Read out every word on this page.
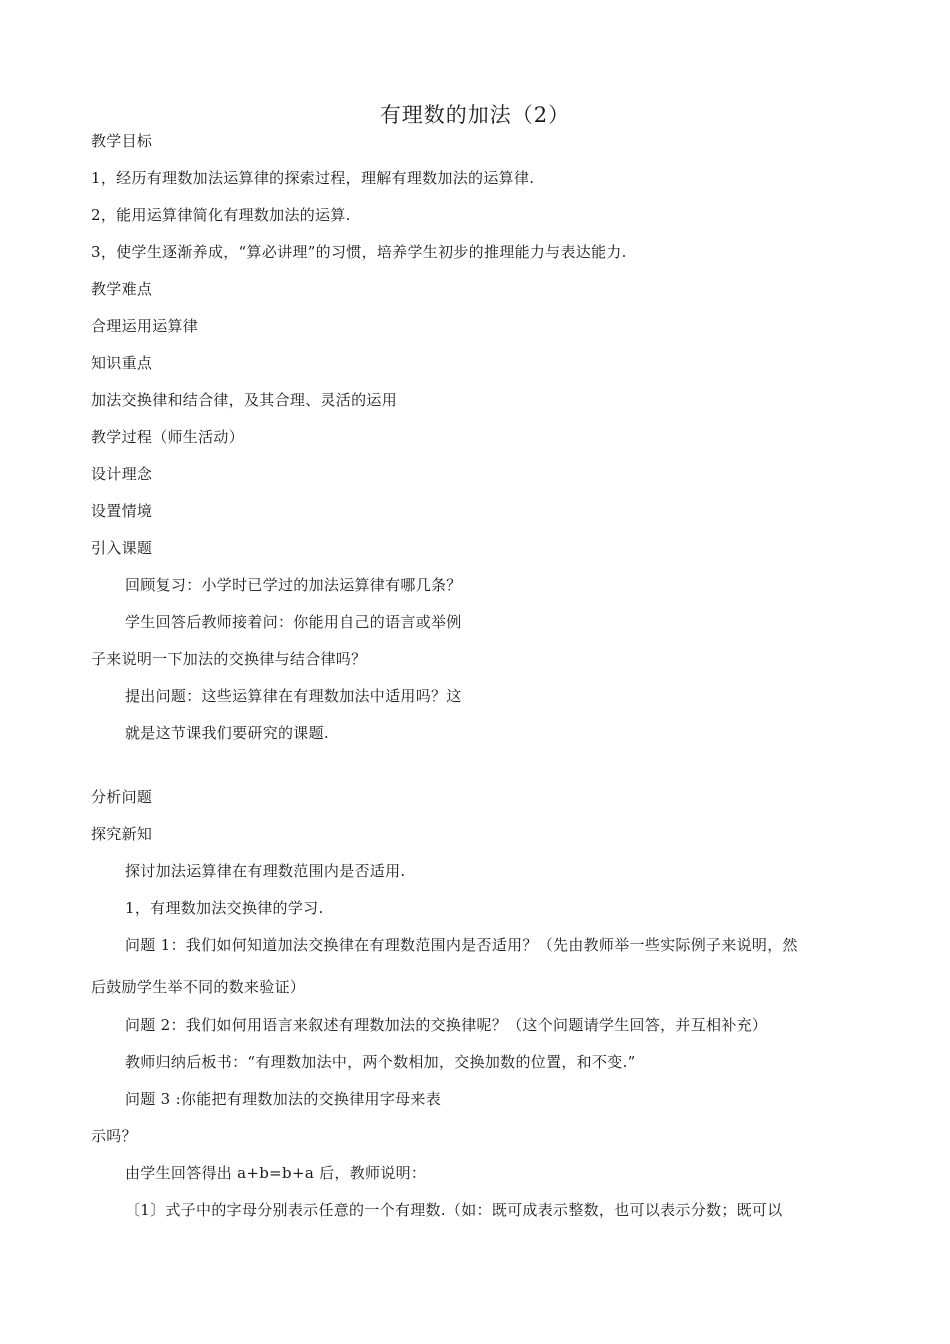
有理数的加法（2）
教学目标
1，经历有理数加法运算律的探索过程，理解有理数加法的运算律.
2，能用运算律简化有理数加法的运算.
3，使学生逐渐养成，“算必讲理”的习惯，培养学生初步的推理能力与表达能力.
教学难点
合理运用运算律
知识重点
加法交换律和结合律，及其合理、灵活的运用
教学过程（师生活动）
设计理念
设置情境
引入课题
回顾复习：小学时已学过的加法运算律有哪几条？
学生回答后教师接着问：你能用自己的语言或举例
子来说明一下加法的交换律与结合律吗？
提出问题：这些运算律在有理数加法中适用吗？这
就是这节课我们要研究的课题.
分析问题
探究新知
探讨加法运算律在有理数范围内是否适用.
1，有理数加法交换律的学习.
问题 1：我们如何知道加法交换律在有理数范围内是否适用？（先由教师举一些实际例子来说明，然
后鼓励学生举不同的数来验证）
问题 2：我们如何用语言来叙述有理数加法的交换律呢？（这个问题请学生回答，并互相补充）
教师归纳后板书：“有理数加法中，两个数相加，交换加数的位置，和不变.”
问题 3 :你能把有理数加法的交换律用字母来表
示吗？
由学生回答得出 a+b=b+a 后，教师说明：
〔1〕式子中的字母分别表示任意的一个有理数.（如：既可成表示整数，也可以表示分数；既可以
